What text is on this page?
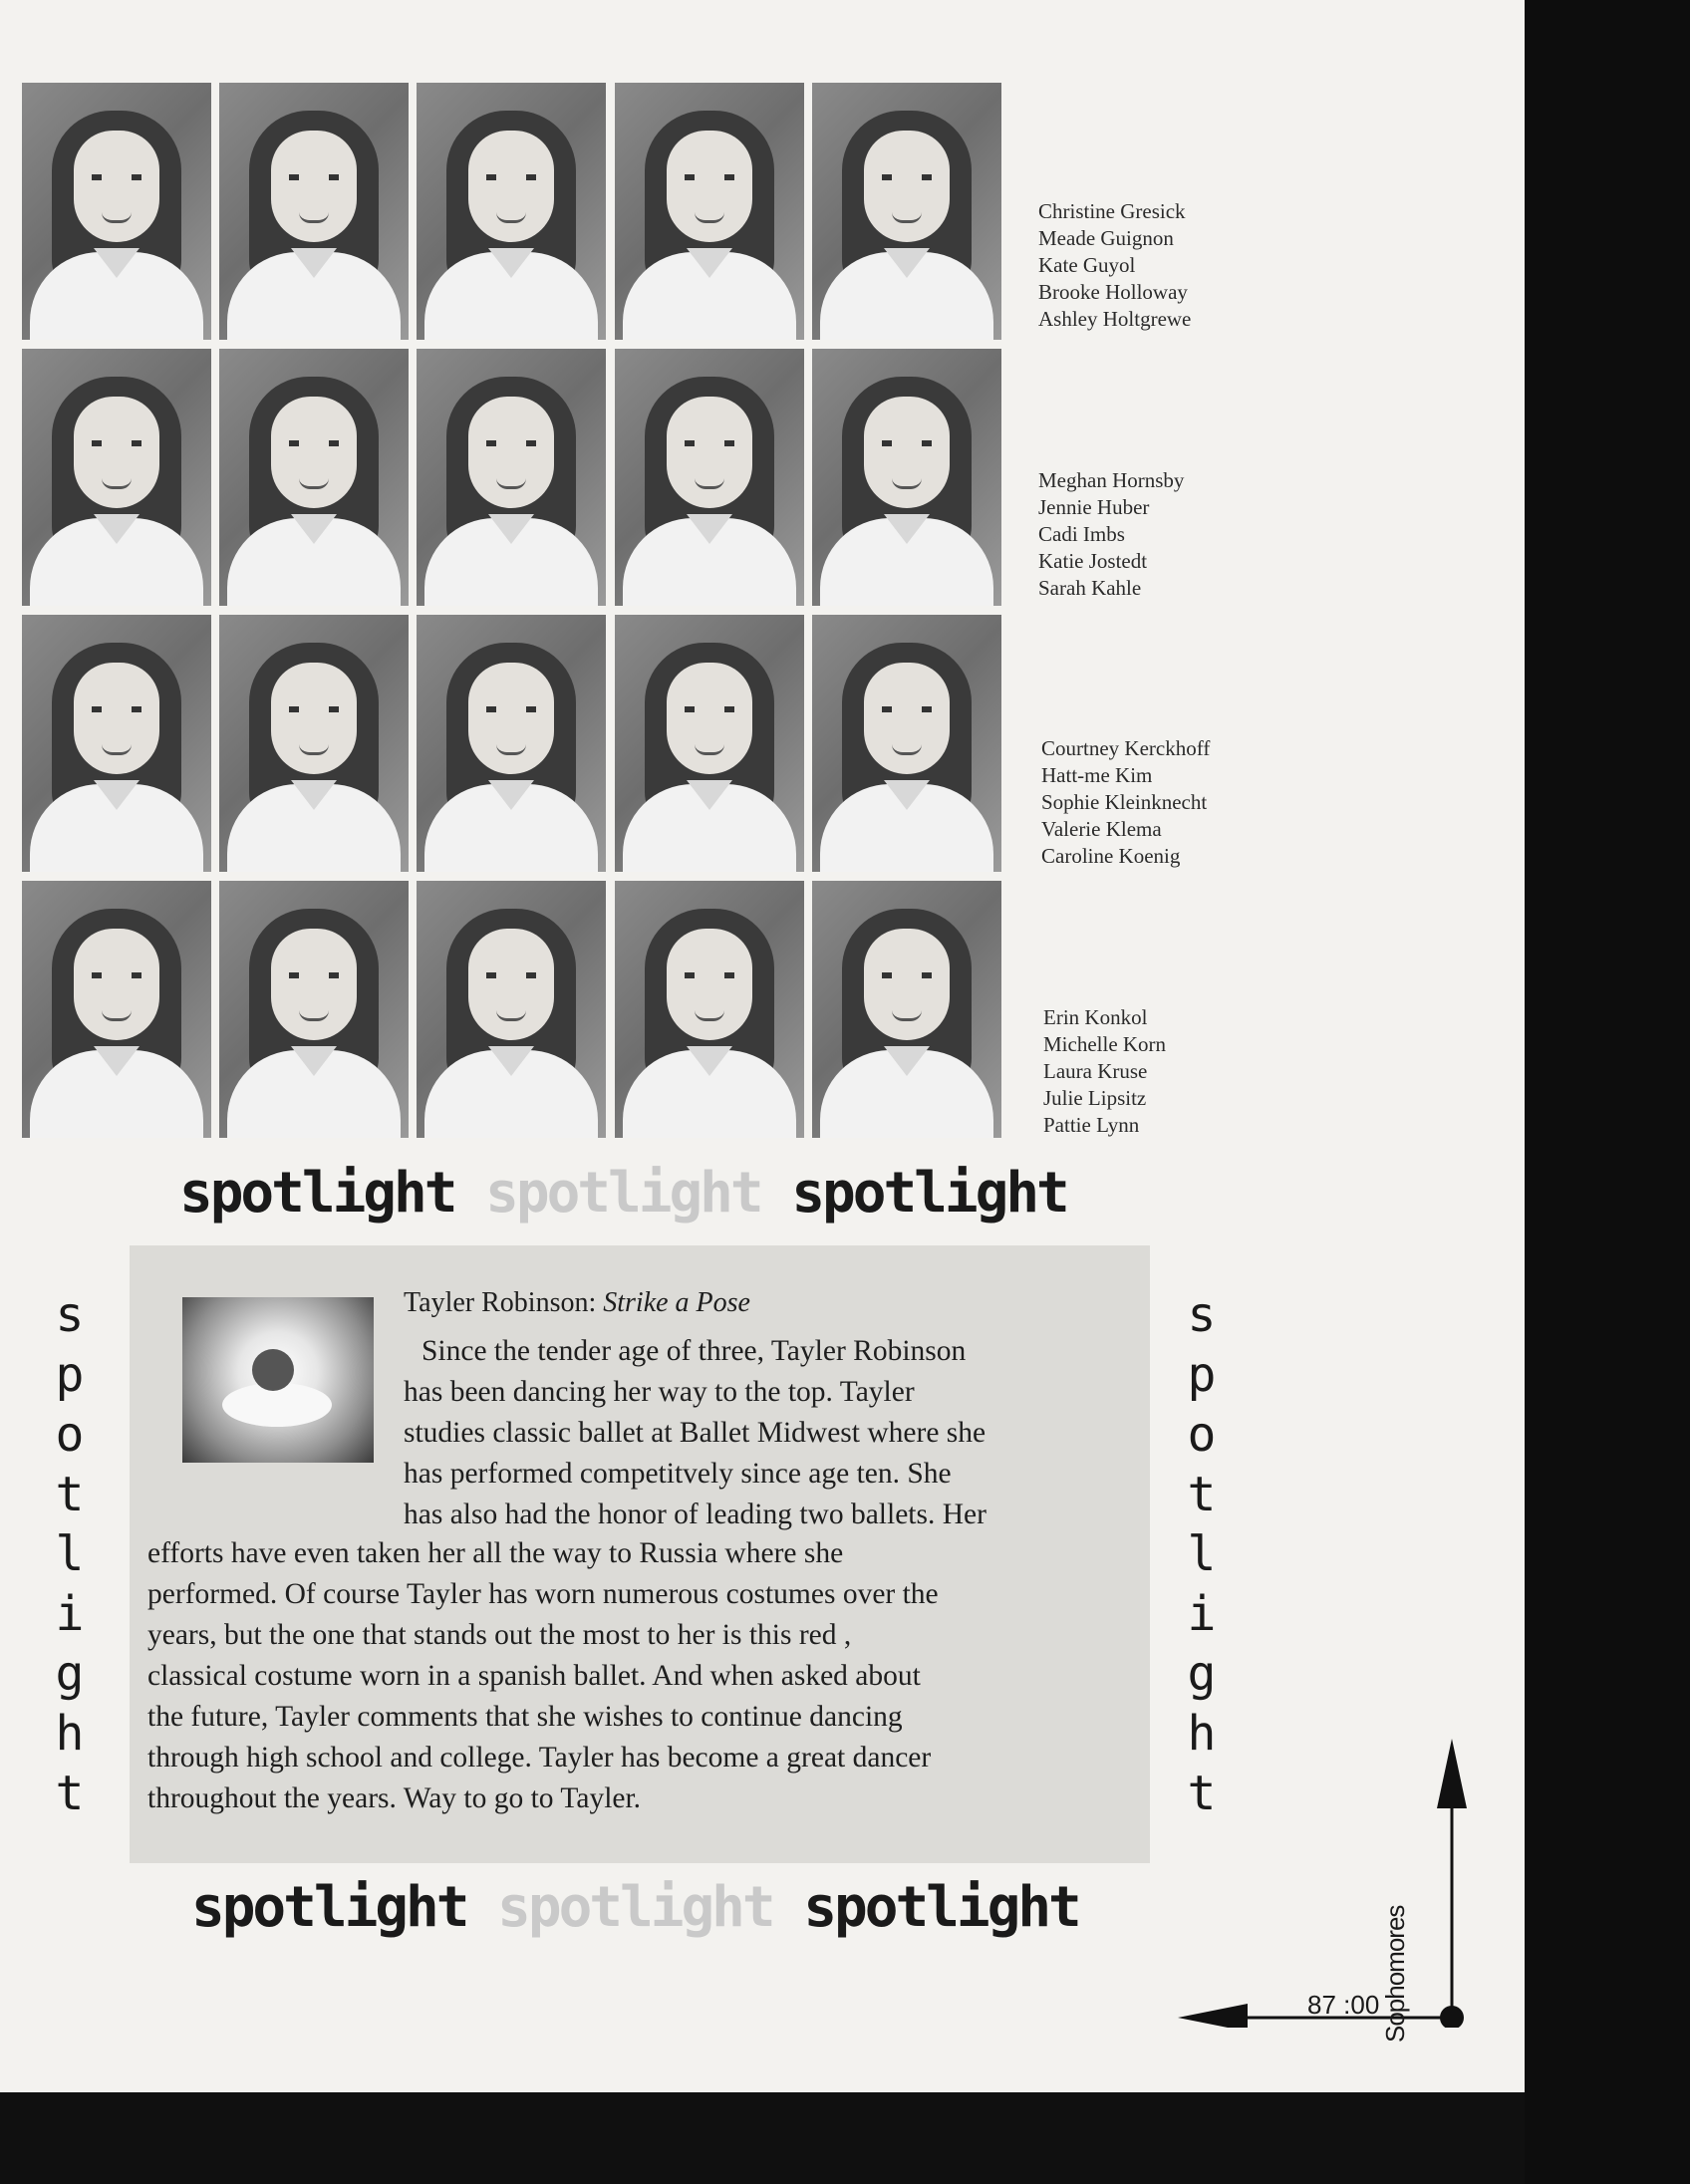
Christine Gresick
Meade Guignon
Kate Guyol
Brooke Holloway
Ashley Holtgrewe
Meghan Hornsby
Jennie Huber
Cadi Imbs
Katie Jostedt
Sarah Kahle
Courtney Kerckhoff
Hatt-me Kim
Sophie Kleinknecht
Valerie Klema
Caroline Koenig
Erin Konkol
Michelle Korn
Laura Kruse
Julie Lipsitz
Pattie Lynn
spotlight spotlight spotlight
s
p
o
t
l
i
g
h
t
s
p
o
t
l
i
g
h
t
Tayler Robinson: Strike a Pose
Since the tender age of three, Tayler Robinson
has been dancing her way to the top. Tayler
studies classic ballet at Ballet Midwest where she
has performed competitvely since age ten. She
has also had the honor of leading two ballets. Her
efforts have even taken her all the way to Russia where she
performed. Of course Tayler has worn numerous costumes over the
years, but the one that stands out the most to her is this red ,
classical costume worn in a spanish ballet. And when asked about
the future, Tayler comments that she wishes to continue dancing
through high school and college. Tayler has become a great dancer
throughout the years. Way to go to Tayler.
spotlight spotlight spotlight	Sophomores
87 :00
